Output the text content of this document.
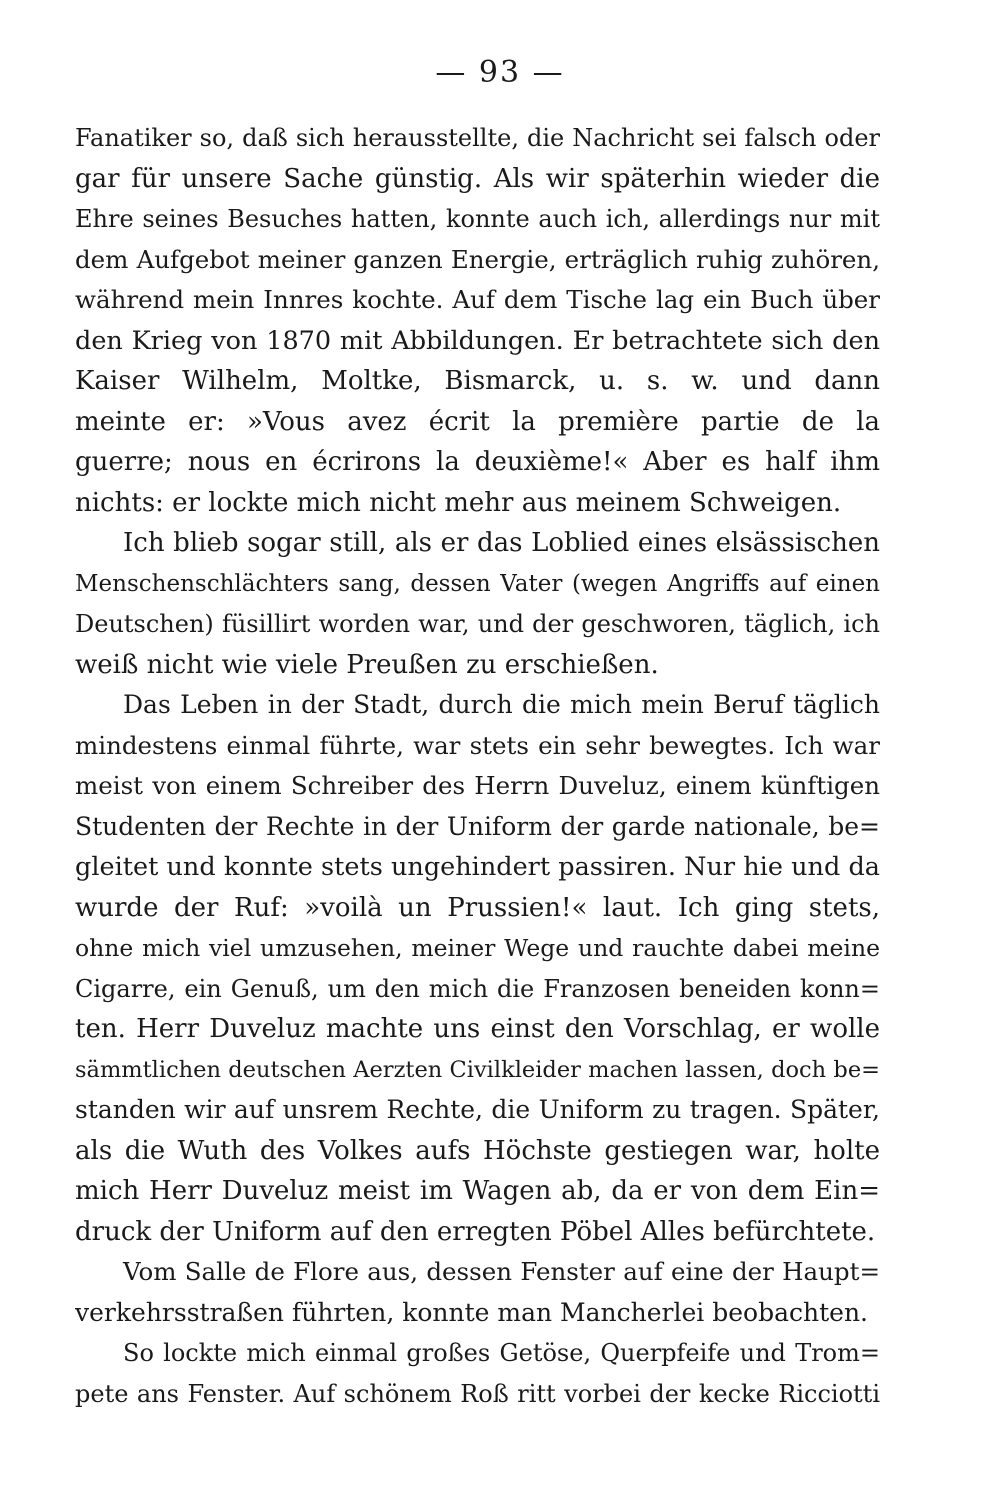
— 93 —
Fanatiker so, daß sich herausstellte, die Nachricht sei falsch oder
gar für unsere Sache günstig. Als wir späterhin wieder die
Ehre seines Besuches hatten, konnte auch ich, allerdings nur mit
dem Aufgebot meiner ganzen Energie, erträglich ruhig zuhören,
während mein Innres kochte. Auf dem Tische lag ein Buch über
den Krieg von 1870 mit Abbildungen. Er betrachtete sich den
Kaiser Wilhelm, Moltke, Bismarck, u. s. w. und dann
meinte er: »Vous avez écrit la première partie de la
guerre; nous en écrirons la deuxième!« Aber es half ihm
nichts: er lockte mich nicht mehr aus meinem Schweigen.
Ich blieb sogar still, als er das Loblied eines elsässischen
Menschenschlächters sang, dessen Vater (wegen Angriffs auf einen
Deutschen) füsillirt worden war, und der geschworen, täglich, ich
weiß nicht wie viele Preußen zu erschießen.
Das Leben in der Stadt, durch die mich mein Beruf täglich
mindestens einmal führte, war stets ein sehr bewegtes. Ich war
meist von einem Schreiber des Herrn Duveluz, einem künftigen
Studenten der Rechte in der Uniform der garde nationale, be=
gleitet und konnte stets ungehindert passiren. Nur hie und da
wurde der Ruf: »voilà un Prussien!« laut. Ich ging stets,
ohne mich viel umzusehen, meiner Wege und rauchte dabei meine
Cigarre, ein Genuß, um den mich die Franzosen beneiden konn=
ten. Herr Duveluz machte uns einst den Vorschlag, er wolle
sämmtlichen deutschen Aerzten Civilkleider machen lassen, doch be=
standen wir auf unsrem Rechte, die Uniform zu tragen. Später,
als die Wuth des Volkes aufs Höchste gestiegen war, holte
mich Herr Duveluz meist im Wagen ab, da er von dem Ein=
druck der Uniform auf den erregten Pöbel Alles befürchtete.
Vom Salle de Flore aus, dessen Fenster auf eine der Haupt=
verkehrsstraßen führten, konnte man Mancherlei beobachten.
So lockte mich einmal großes Getöse, Querpfeife und Trom=
pete ans Fenster. Auf schönem Roß ritt vorbei der kecke Ricciotti
